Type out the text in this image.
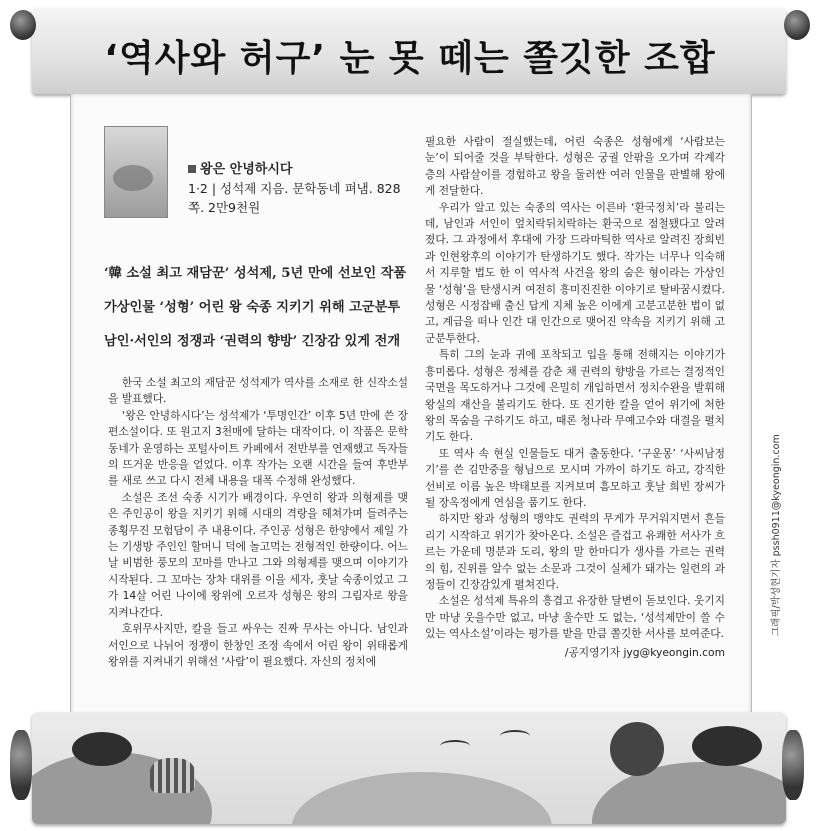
‘역사와 허구’ 눈 못 떼는 쫄깃한 조합
왕은 안녕하시다
1·2 | 성석제 지음. 문학동네 펴냄. 828쪽. 2만9천원
‘韓 소설 최고 재담꾼’ 성석제, 5년 만에 선보인 작품
가상인물 ‘성형’ 어린 왕 숙종 지키기 위해 고군분투
남인·서인의 정쟁과 ‘권력의 향방’ 긴장감 있게 전개

한국 소설 최고의 재담꾼 성석제가 역사를 소재로 한 신작소설을 발표했다.

‘왕은 안녕하시다’는 성석제가 ‘투명인간’ 이후 5년 만에 쓴 장편소설이다. 또 원고지 3천매에 달하는 대작이다. 이 작품은 문학동네가 운영하는 포털사이트 카페에서 전반부를 연재했고 독자들의 뜨거운 반응을 얻었다. 이후 작가는 오랜 시간을 들여 후반부를 새로 쓰고 다시 전체 내용을 대폭 수정해 완성했다.

소설은 조선 숙종 시기가 배경이다. 우연히 왕과 의형제를 맺은 주인공이 왕을 지키기 위해 시대의 격랑을 헤쳐가며 들려주는 종횡무진 모험담이 주 내용이다. 주인공 성형은 한양에서 제일 가는 기생방 주인인 할머니 덕에 놀고먹는 전형적인 한량이다. 어느 날 비범한 풍모의 꼬마를 만나고 그와 의형제를 맺으며 이야기가 시작된다. 그 꼬마는 장차 대위를 이을 세자, 훗날 숙종이었고 그가 14살 어린 나이에 왕위에 오르자 성형은 왕의 그림자로 왕을 지켜나간다.

호위무사지만, 칼을 들고 싸우는 진짜 무사는 아니다. 남인과 서인으로 나뉘어 정쟁이 한창인 조정 속에서 어린 왕이 위태롭게 왕위를 지켜내기 위해선 ‘사람’이 필요했다. 자신의 정치에

필요한 사람이 절실했는데, 어린 숙종은 성형에게 ‘사람보는 눈’이 되어줄 것을 부탁한다. 성형은 궁궐 안팎을 오가며 각계각층의 사람살이를 경험하고 왕을 둘러싼 여러 인물을 판별해 왕에게 전달한다.

우리가 알고 있는 숙종의 역사는 이른바 ‘환국정치’라 불리는데, 남인과 서인이 엎치락뒤치락하는 환국으로 점철됐다고 알려졌다. 그 과정에서 후대에 가장 드라마틱한 역사로 알려진 장희빈과 인현왕후의 이야기가 탄생하기도 했다. 작가는 너무나 익숙해서 지루할 법도 한 이 역사적 사건을 왕의 숨은 형이라는 가상인물 ‘성형’을 탄생시켜 여전히 흥미진진한 이야기로 탈바꿈시켰다. 성형은 시정잡배 출신 답게 지체 높은 이에게 고분고분한 법이 없고, 계급을 떠나 인간 대 인간으로 맺어진 약속을 지키기 위해 고군분투한다.

특히 그의 눈과 귀에 포착되고 입을 통해 전해지는 이야기가 흥미롭다. 성형은 정체를 감춘 채 권력의 향방을 가르는 결정적인 국면을 목도하거나 그것에 은밀히 개입하면서 정치수완을 발휘해 왕실의 재산을 불리기도 한다. 또 진기한 칼을 얻어 위기에 처한 왕의 목숨을 구하기도 하고, 때론 청나라 무예고수와 대결을 펼치기도 한다.

또 역사 속 현실 인물들도 대거 출동한다. ‘구운몽’ ‘사씨남정기’를 쓴 김만중을 형님으로 모시며 가까이 하기도 하고, 강직한 선비로 이름 높은 박태보를 지켜보며 흠모하고 훗날 희빈 장씨가 될 장옥정에게 연심을 품기도 한다.

하지만 왕과 성형의 맹약도 권력의 무게가 무거워지면서 흔들리기 시작하고 위기가 찾아온다. 소설은 즐겁고 유쾌한 서사가 흐르는 가운데 명분과 도리, 왕의 말 한마디가 생사를 가르는 권력의 힘, 진위를 알수 없는 소문과 그것이 실체가 돼가는 일련의 과정들이 긴장감있게 펼쳐진다.

소설은 성석제 특유의 흥겹고 유장한 달변이 돋보인다. 웃기지만 마냥 웃을수만 없고, 마냥 울수만 도 없는, ‘성석제만이 쓸 수 있는 역사소설’이라는 평가를 받을 만큼 쫄깃한 서사를 보여준다.

/공지영기자 jyg@kyeongin.com

그래픽/박성현기자 pssh0911@kyeongin.com
